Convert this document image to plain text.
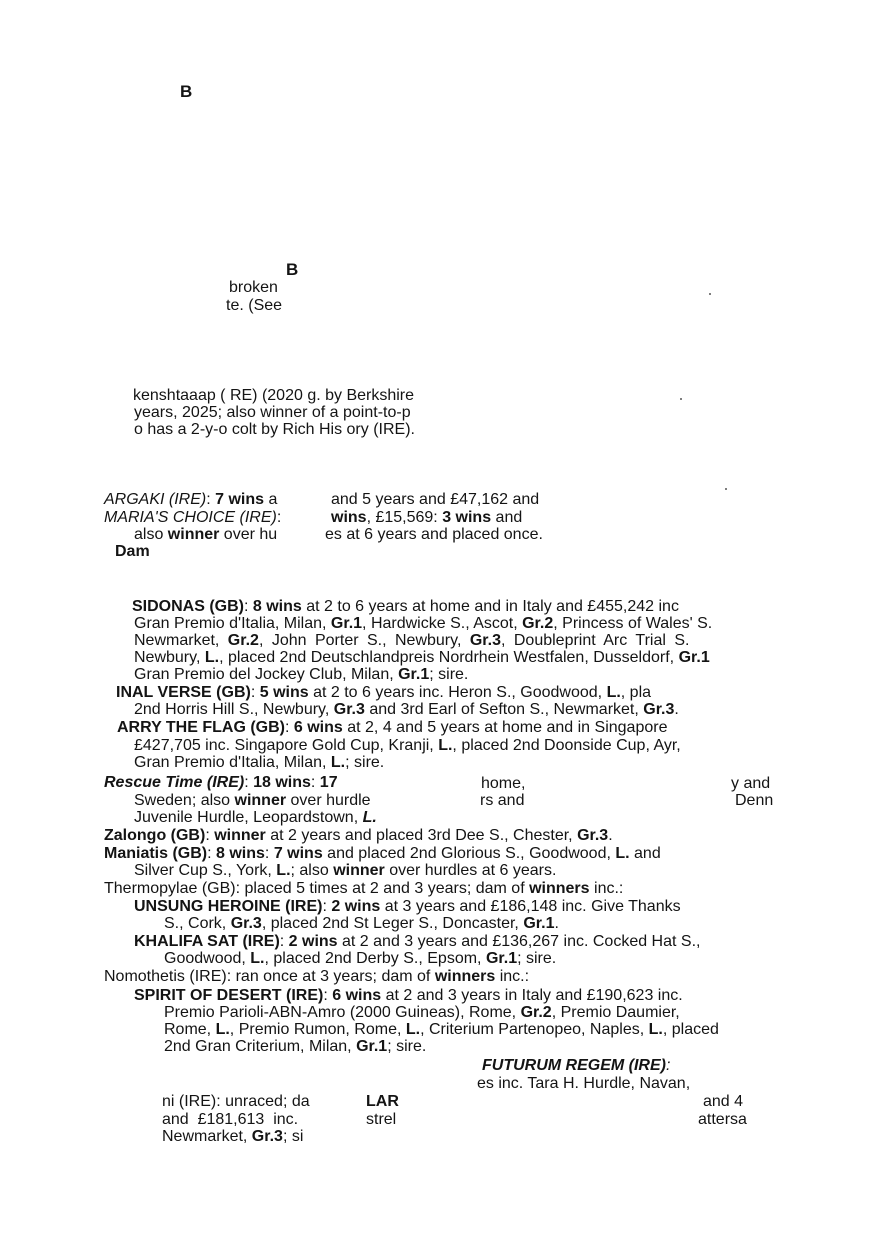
B
B
broken
te. (See
kenshtaaap ( RE) (2020 g. by Berkshire
years, 2025; also winner of a point-to-p
o has a 2-y-o colt by Rich His ory (IRE).
ARGAKI (IRE): 7 wins a	and 5 years and £47,162 and
MARIA'S CHOICE (IRE):	wins, £15,569: 3 wins and
also winner over hu	es at 6 years and placed once.
Dam
SIDONAS (GB): 8 wins at 2 to 6 years at home and in Italy and £455,242 inc
Gran Premio d'Italia, Milan, Gr.1, Hardwicke S., Ascot, Gr.2, Princess of Wales' S.
Newmarket, Gr.2, John Porter S., Newbury, Gr.3, Doubleprint Arc Trial S.
Newbury, L., placed 2nd Deutschlandpreis Nordrhein Westfalen, Dusseldorf, Gr.1
Gran Premio del Jockey Club, Milan, Gr.1; sire.
INAL VERSE (GB): 5 wins at 2 to 6 years inc. Heron S., Goodwood, L., pla
2nd Horris Hill S., Newbury, Gr.3 and 3rd Earl of Sefton S., Newmarket, Gr.3.
ARRY THE FLAG (GB): 6 wins at 2, 4 and 5 years at home and in Singapore
£427,705 inc. Singapore Gold Cup, Kranji, L., placed 2nd Doonside Cup, Ayr,
Gran Premio d'Italia, Milan, L.; sire.
Rescue Time (IRE): 18 wins: 17	home,	y and
Sweden; also winner over hurdle	rs and	Denn
Juvenile Hurdle, Leopardstown, L.
Zalongo (GB): winner at 2 years and placed 3rd Dee S., Chester, Gr.3.
Maniatis (GB): 8 wins: 7 wins and placed 2nd Glorious S., Goodwood, L. and
Silver Cup S., York, L.; also winner over hurdles at 6 years.
Thermopylae (GB): placed 5 times at 2 and 3 years; dam of winners inc.:
UNSUNG HEROINE (IRE): 2 wins at 3 years and £186,148 inc. Give Thanks
S., Cork, Gr.3, placed 2nd St Leger S., Doncaster, Gr.1.
KHALIFA SAT (IRE): 2 wins at 2 and 3 years and £136,267 inc. Cocked Hat S.,
Goodwood, L., placed 2nd Derby S., Epsom, Gr.1; sire.
Nomothetis (IRE): ran once at 3 years; dam of winners inc.:
SPIRIT OF DESERT (IRE): 6 wins at 2 and 3 years in Italy and £190,623 inc.
Premio Parioli-ABN-Amro (2000 Guineas), Rome, Gr.2, Premio Daumier,
Rome, L., Premio Rumon, Rome, L., Criterium Partenopeo, Naples, L., placed
2nd Gran Criterium, Milan, Gr.1; sire.
FUTURUM REGEM (IRE):
es inc. Tara H. Hurdle, Navan,
ni (IRE): unraced; da	LAR	and 4
and  £181,613  inc.	strel	attersa
Newmarket, Gr.3; si
